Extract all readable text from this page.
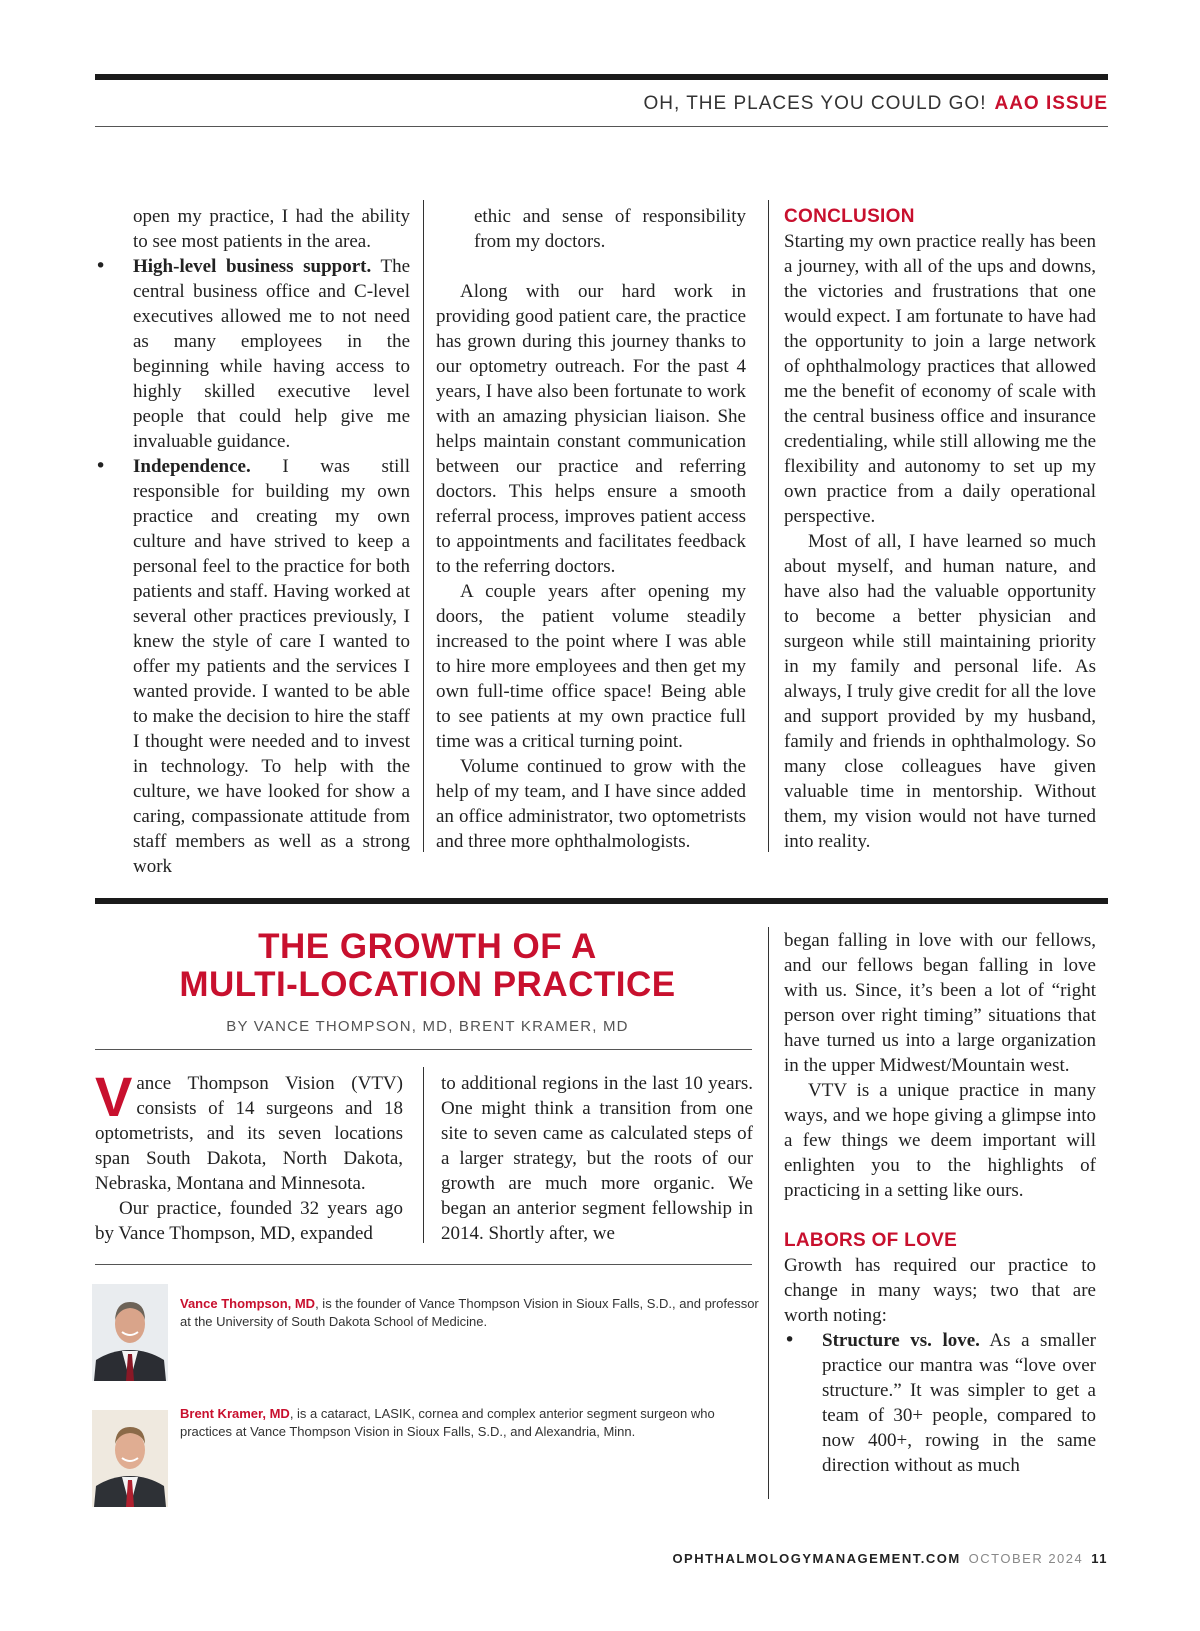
OH, THE PLACES YOU COULD GO! AAO ISSUE

open my practice, I had the ability to see most patients in the area.

• High-level business support. The central business office and C-level executives allowed me to not need as many employees in the beginning while having access to highly skilled executive level people that could help give me invaluable guidance.
• Independence. I was still responsible for building my own practice and creating my own culture and have strived to keep a personal feel to the practice for both patients and staff. Having worked at several other practices previously, I knew the style of care I wanted to offer my patients and the services I wanted provide. I wanted to be able to make the decision to hire the staff I thought were needed and to invest in technology. To help with the culture, we have looked for show a caring, compassionate attitude from staff members as well as a strong work

ethic and sense of responsibility from my doctors.

Along with our hard work in providing good patient care, the practice has grown during this journey thanks to our optometry outreach. For the past 4 years, I have also been fortunate to work with an amazing physician liaison. She helps maintain constant communication between our practice and referring doctors. This helps ensure a smooth referral process, improves patient access to appointments and facilitates feedback to the referring doctors.

A couple years after opening my doors, the patient volume steadily increased to the point where I was able to hire more employees and then get my own full-time office space! Being able to see patients at my own practice full time was a critical turning point.

Volume continued to grow with the help of my team, and I have since added an office administrator, two optometrists and three more ophthalmologists.

CONCLUSION

Starting my own practice really has been a journey, with all of the ups and downs, the victories and frustrations that one would expect. I am fortunate to have had the opportunity to join a large network of ophthalmology practices that allowed me the benefit of economy of scale with the central business office and insurance credentialing, while still allowing me the flexibility and autonomy to set up my own practice from a daily operational perspective.

Most of all, I have learned so much about myself, and human nature, and have also had the valuable opportunity to become a better physician and surgeon while still maintaining priority in my family and personal life. As always, I truly give credit for all the love and support provided by my husband, family and friends in ophthalmology. So many close colleagues have given valuable time in mentorship. Without them, my vision would not have turned into reality.

THE GROWTH OF A
MULTI-LOCATION PRACTICE
BY VANCE THOMPSON, MD, BRENT KRAMER, MD

Vance Thompson Vision (VTV) consists of 14 surgeons and 18 optometrists, and its seven locations span South Dakota, North Dakota, Nebraska, Montana and Minnesota.

Our practice, founded 32 years ago by Vance Thompson, MD, expanded

to additional regions in the last 10 years. One might think a transition from one site to seven came as calculated steps of a larger strategy, but the roots of our growth are much more organic. We began an anterior segment fellowship in 2014. Shortly after, we

Vance Thompson, MD, is the founder of Vance Thompson Vision in Sioux Falls, S.D., and professor at the University of South Dakota School of Medicine.
Brent Kramer, MD, is a cataract, LASIK, cornea and complex anterior segment surgeon who practices at Vance Thompson Vision in Sioux Falls, S.D., and Alexandria, Minn.

began falling in love with our fellows, and our fellows began falling in love with us. Since, it’s been a lot of “right person over right timing” situations that have turned us into a large organization in the upper Midwest/Mountain west.

VTV is a unique practice in many ways, and we hope giving a glimpse into a few things we deem important will enlighten you to the highlights of practicing in a setting like ours.

LABORS OF LOVE

Growth has required our practice to change in many ways; two that are worth noting:

• Structure vs. love. As a smaller practice our mantra was “love over structure.” It was simpler to get a team of 30+ people, compared to now 400+, rowing in the same direction without as much
OPHTHALMOLOGYMANAGEMENT.COM OCTOBER 2024 11
